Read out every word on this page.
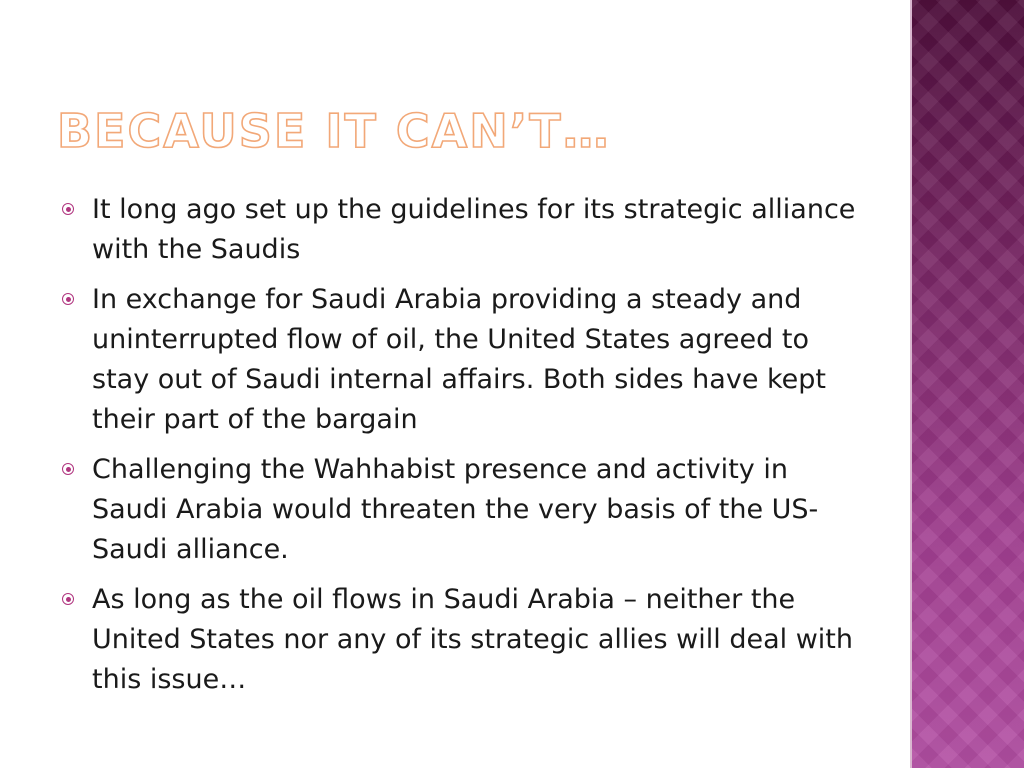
BECAUSE IT CAN’T…
It long ago set up the guidelines for its strategic alliance with the Saudis
In exchange for Saudi Arabia providing a steady and uninterrupted flow of oil, the United States agreed to stay out of Saudi internal affairs. Both sides have kept their part of the bargain
Challenging the Wahhabist presence and activity in Saudi Arabia would threaten the very basis of the US-Saudi alliance.
As long as the oil flows in Saudi Arabia – neither the United States nor any of its strategic allies will deal with this issue…
